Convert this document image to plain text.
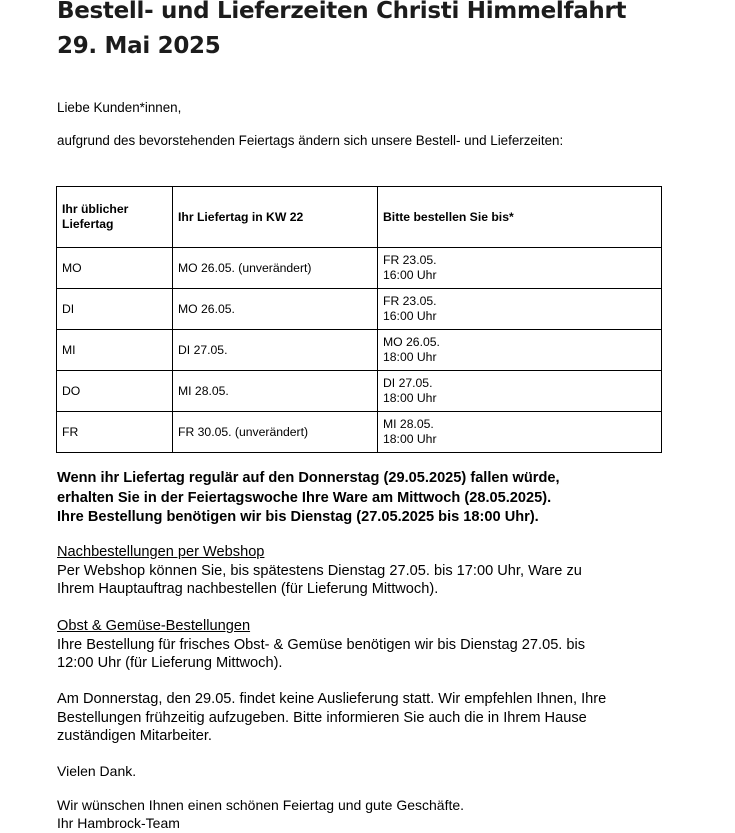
Bestell- und Lieferzeiten Christi Himmelfahrt
29. Mai 2025

Liebe Kunden*innen,

aufgrund des bevorstehenden Feiertags ändern sich unsere Bestell- und Lieferzeiten:

Ihr üblicher Liefertag	Ihr Liefertag in KW 22	Bitte bestellen Sie bis*
MO	MO 26.05. (unverändert)	FR 23.05.
16:00 Uhr
DI	MO 26.05.	FR 23.05.
16:00 Uhr
MI	DI 27.05.	MO 26.05.
18:00 Uhr
DO	MI 28.05.	DI 27.05.
18:00 Uhr
FR	FR 30.05. (unverändert)	MI 28.05.
18:00 Uhr

Wenn ihr Liefertag regulär auf den Donnerstag (29.05.2025) fallen würde,
erhalten Sie in der Feiertagswoche Ihre Ware am Mittwoch (28.05.2025).
Ihre Bestellung benötigen wir bis Dienstag (27.05.2025 bis 18:00 Uhr).

Nachbestellungen per Webshop
Per Webshop können Sie, bis spätestens Dienstag 27.05. bis 17:00 Uhr, Ware zu
Ihrem Hauptauftrag nachbestellen (für Lieferung Mittwoch).

Obst & Gemüse-Bestellungen
Ihre Bestellung für frisches Obst- & Gemüse benötigen wir bis Dienstag 27.05. bis
12:00 Uhr (für Lieferung Mittwoch).

Am Donnerstag, den 29.05. findet keine Auslieferung statt. Wir empfehlen Ihnen, Ihre
Bestellungen frühzeitig aufzugeben. Bitte informieren Sie auch die in Ihrem Hause
zuständigen Mitarbeiter.

Vielen Dank.

Wir wünschen Ihnen einen schönen Feiertag und gute Geschäfte.
Ihr Hambrock-Team
